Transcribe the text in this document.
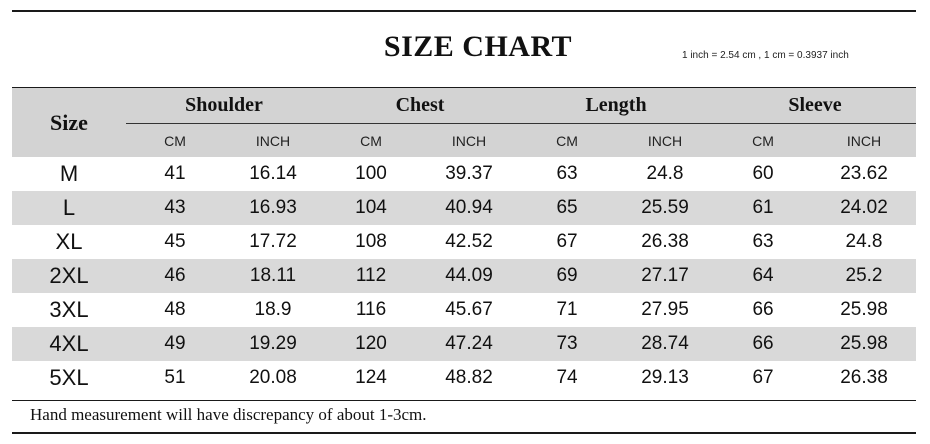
SIZE CHART	1 inch = 2.54 cm , 1 cm = 0.3937 inch
Size	Shoulder		Chest		Length		Sleeve	
	CM	INCH	CM	INCH	CM	INCH	CM	INCH
M	41	16.14	100	39.37	63	24.8	60	23.62
L	43	16.93	104	40.94	65	25.59	61	24.02
XL	45	17.72	108	42.52	67	26.38	63	24.8
2XL	46	18.11	112	44.09	69	27.17	64	25.2
3XL	48	18.9	116	45.67	71	27.95	66	25.98
4XL	49	19.29	120	47.24	73	28.74	66	25.98
5XL	51	20.08	124	48.82	74	29.13	67	26.38
Hand measurement will have discrepancy of about 1-3cm.
